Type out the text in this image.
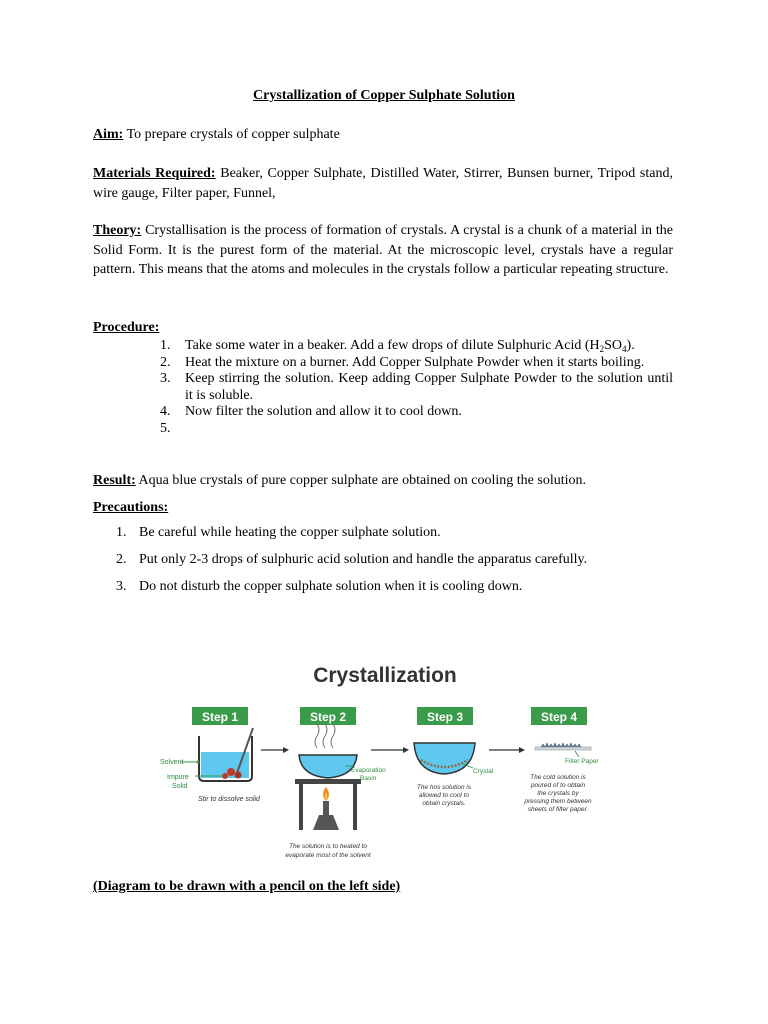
Crystallization of Copper Sulphate Solution
Aim: To prepare crystals of copper sulphate
Materials Required: Beaker, Copper Sulphate, Distilled Water, Stirrer, Bunsen burner, Tripod stand, wire gauge, Filter paper, Funnel,
Theory: Crystallisation is the process of formation of crystals. A crystal is a chunk of a material in the Solid Form. It is the purest form of the material. At the microscopic level, crystals have a regular pattern. This means that the atoms and molecules in the crystals follow a particular repeating structure.
Procedure:
1.	Take some water in a beaker. Add a few drops of dilute Sulphuric Acid $(H_2SO_4)$.
2.	Heat the mixture on a burner. Add Copper Sulphate Powder when it starts boiling.
3.	Keep stirring the solution. Keep adding Copper Sulphate Powder to the solution until it is soluble.
4.	Now filter the solution and allow it to cool down.
5.
Result: Aqua blue crystals of pure copper sulphate are obtained on cooling the solution.
Precautions:
1. Be careful while heating the copper sulphate solution.
2. Put only 2-3 drops of sulphuric acid solution and handle the apparatus carefully.
3. Do not disturb the copper sulphate solution when it is cooling down.
Crystallization
Step 1	Step 2	Step 3	Step 4
Solvent
Impure
Solid
Stir to dissolve solid
Evaporation
Basin
The solution is to heated to
evaporate most of the solvent
Crystal
The hos solution is
allowed to cool to
obtain crystals.
Filter Paper
The cold solution is
poured of to obtain
the crystals by
pressing them between
sheets of filter paper.
(Diagram to be drawn with a pencil on the left side)
